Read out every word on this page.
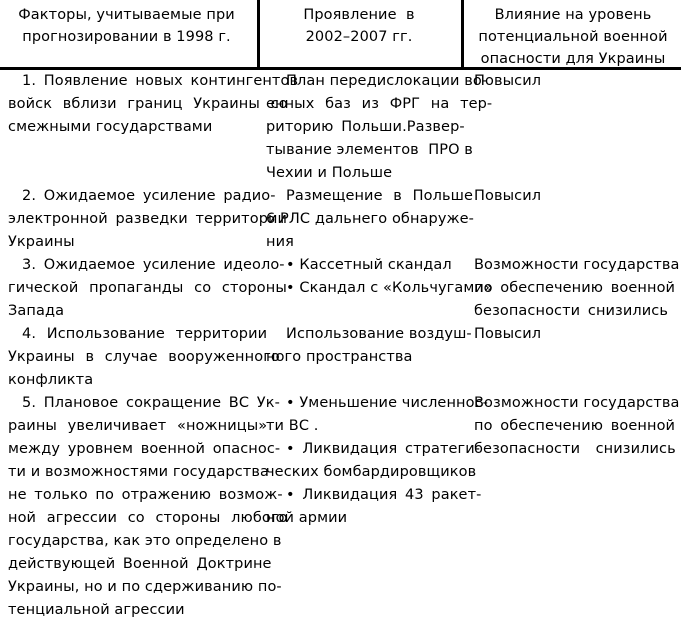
Факторы, учитываемые при
прогнозировании в 1998 г.
Проявление  в
2002–2007 гг.
Влияние на уровень
потенциальной военной
опасности для Украины
1. Появление новых контингентов
войск вблизи границ Украины со
смежными государствами
План передислокации во-
енных баз из ФРГ на тер-
риторию Польши.Развер-
тывание элементов  ПРО в
Чехии и Польше
Повысил
2. Ожидаемое усиление радио-
электронной разведки территории
Украины
Размещение в Польше
6 РЛС дальнего обнаруже-
ния
Повысил
3. Ожидаемое усиление идеоло-
гической пропаганды со стороны
Запада
• Кассетный скандал
• Скандал с «Кольчугами»
Возможности государства
по обеспечению военной
безопасности снизились
4. Использование территории
Украины в случае вооруженного
конфликта
Использование воздуш-
ного пространства
Повысил
5. Плановое сокращение ВС Ук-
раины увеличивает «ножницы»
между уровнем военной опаснос-
ти и возможностями государства
не только по отражению возмож-
ной агрессии со стороны любого
государства, как это определено в
действующей Военной Доктрине
Украины, но и по сдерживанию по-
тенциальной агрессии
• Уменьшение численнос-
ти ВС .
• Ликвидация стратеги-
ческих бомбардировщиков
• Ликвидация 43 ракет-
ной армии
Возможности государства
по обеспечению военной
безопасности  снизились
